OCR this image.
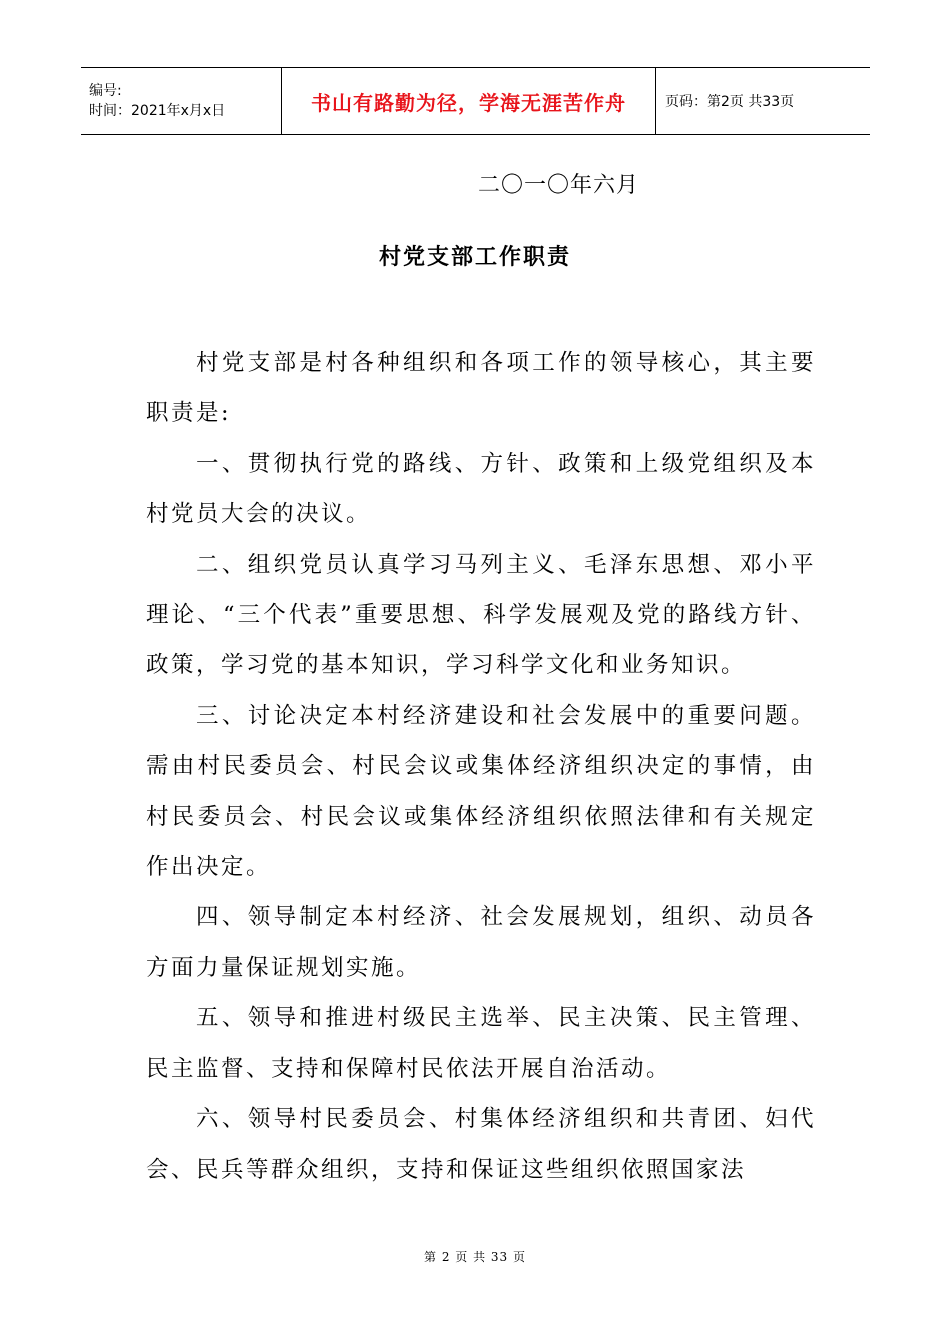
编号:
时间：2021年x月x日	书山有路勤为径，学海无涯苦作舟	页码：第2页 共33页
二〇一〇年六月
村党支部工作职责

村党支部是村各种组织和各项工作的领导核心，其主要职责是:

一、贯彻执行党的路线、方针、政策和上级党组织及本村党员大会的决议。

二、组织党员认真学习马列主义、毛泽东思想、邓小平理论、“三个代表”重要思想、科学发展观及党的路线方针、政策，学习党的基本知识，学习科学文化和业务知识。

三、讨论决定本村经济建设和社会发展中的重要问题。需由村民委员会、村民会议或集体经济组织决定的事情，由村民委员会、村民会议或集体经济组织依照法律和有关规定作出决定。

四、领导制定本村经济、社会发展规划，组织、动员各方面力量保证规划实施。

五、领导和推进村级民主选举、民主决策、民主管理、民主监督、支持和保障村民依法开展自治活动。

六、领导村民委员会、村集体经济组织和共青团、妇代会、民兵等群众组织，支持和保证这些组织依照国家法

第 2 页 共 33 页
